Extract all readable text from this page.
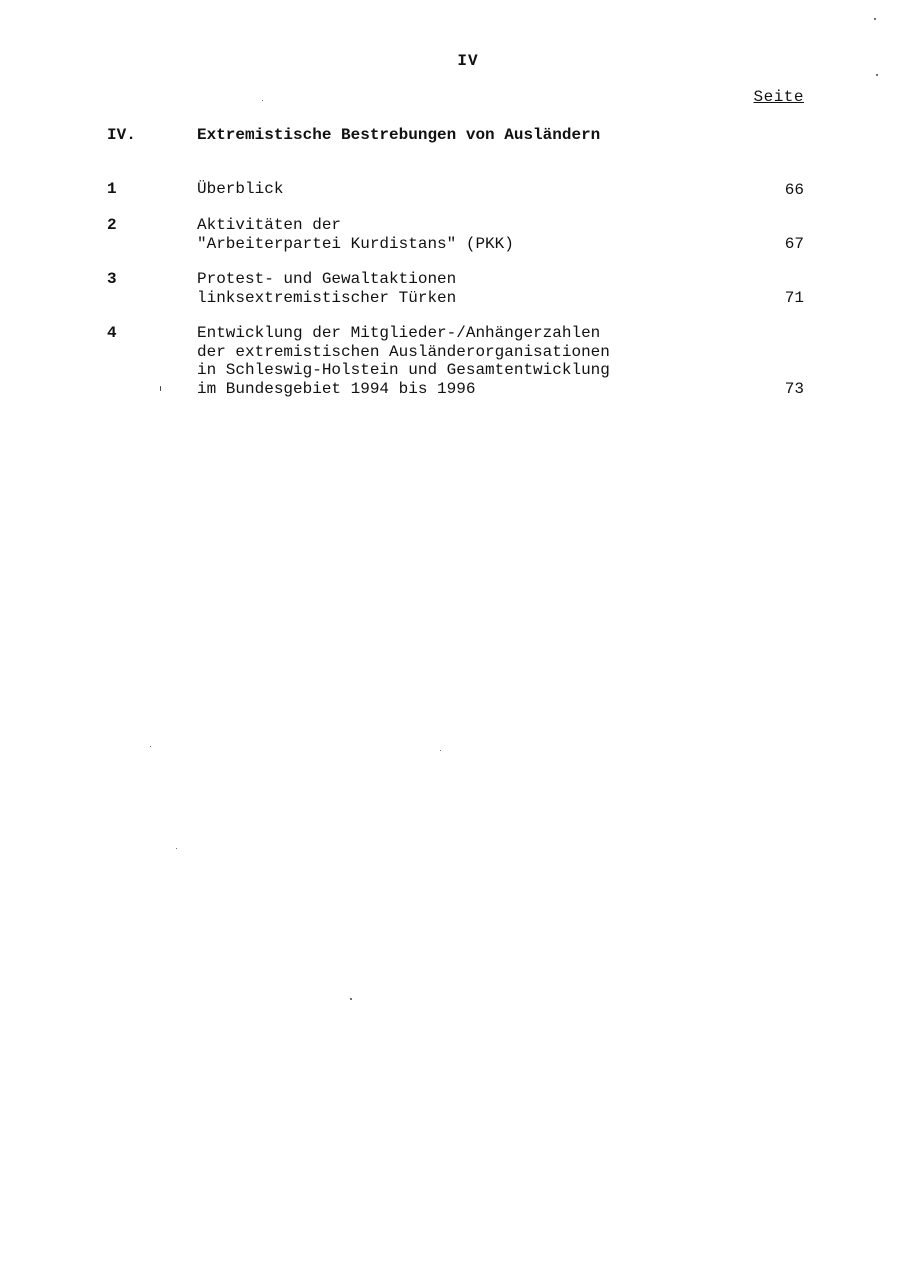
IV
Seite
IV.	Extremistische Bestrebungen von Ausländern
1	Überblick	66
2	Aktivitäten der
"Arbeiterpartei Kurdistans" (PKK)	67
3	Protest- und Gewaltaktionen
linksextremistischer Türken	71
4	Entwicklung der Mitglieder-/Anhängerzahlen
der extremistischen Ausländerorganisationen
in Schleswig-Holstein und Gesamtentwicklung
im Bundesgebiet 1994 bis 1996	73
